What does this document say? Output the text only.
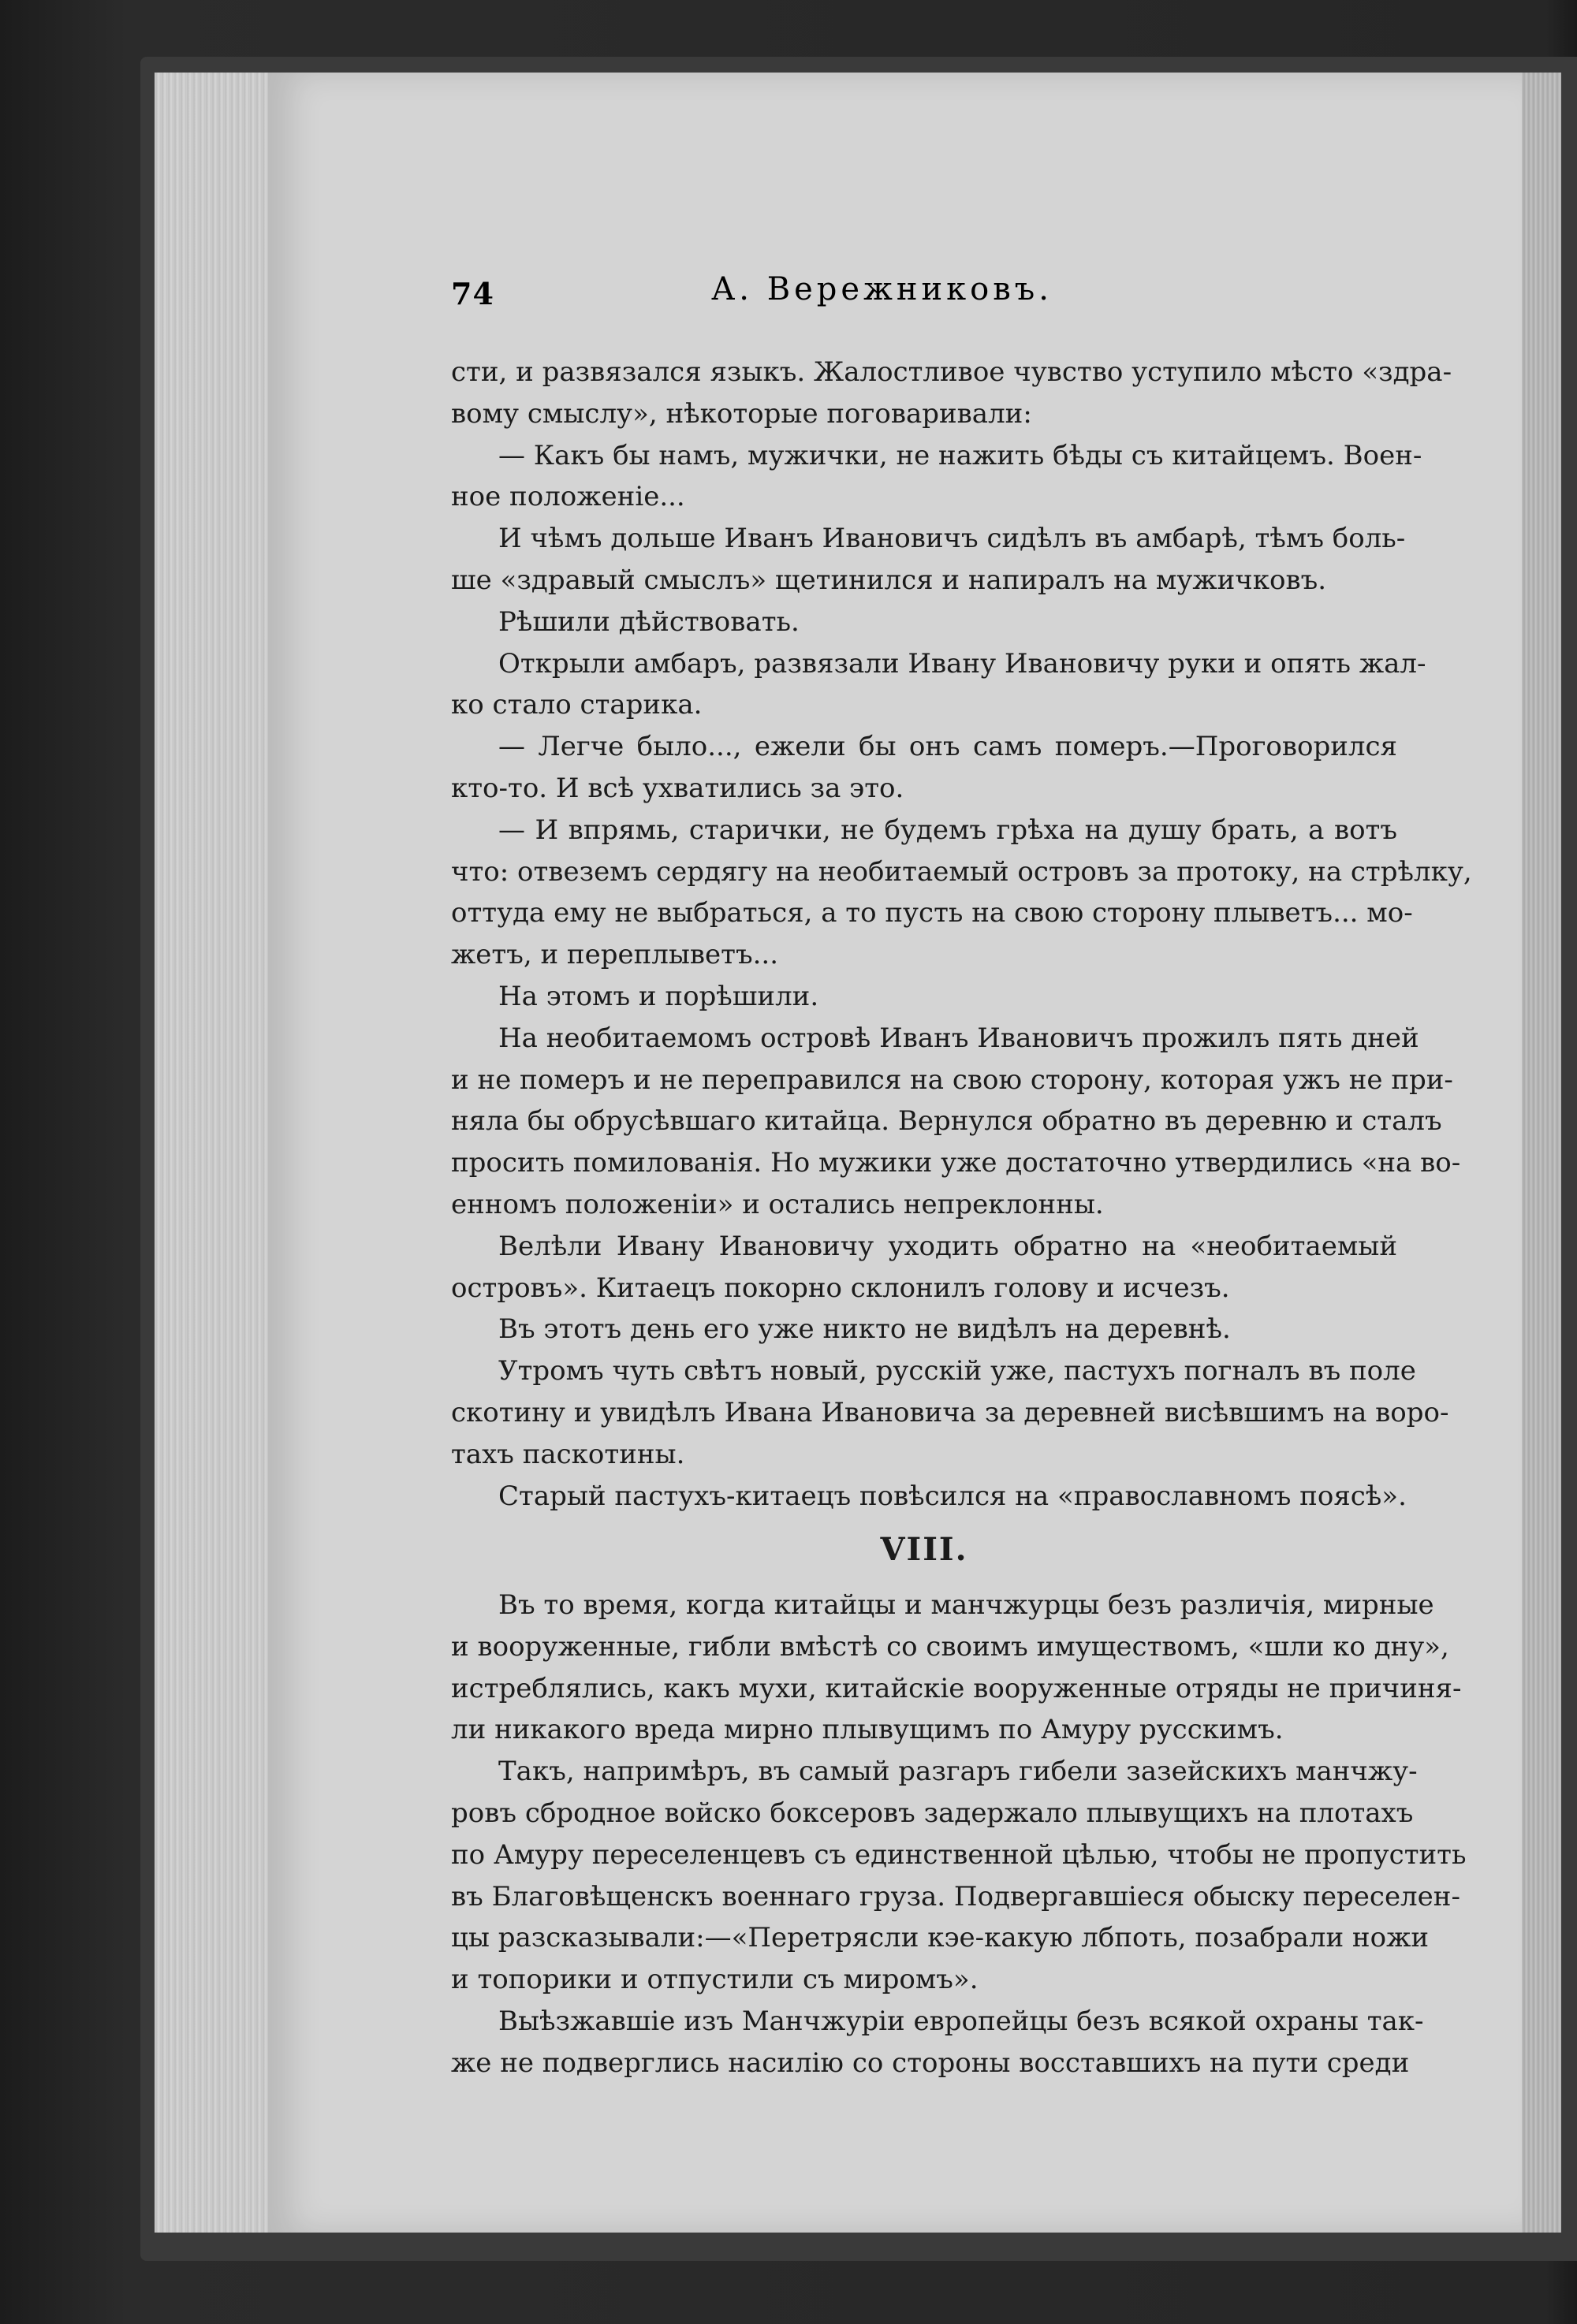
74	А. Вережниковъ.
сти, и развязался языкъ. Жалостливое чувство уступило мѣсто «здра-
вому смыслу», нѣкоторые поговаривали:
— Какъ бы намъ, мужички, не нажить бѣды съ китайцемъ. Воен-
ное положеніе...
И чѣмъ дольше Иванъ Ивановичъ сидѣлъ въ амбарѣ, тѣмъ боль-
ше «здравый смыслъ» щетинился и напиралъ на мужичковъ.
Рѣшили дѣйствовать.
Открыли амбаръ, развязали Ивану Ивановичу руки и опять жал-
ко стало старика.
— Легче было..., ежели бы онъ самъ померъ.—Проговорился
кто-то. И всѣ ухватились за это.
— И впрямь, старички, не будемъ грѣха на душу брать, а вотъ
что: отвеземъ сердягу на необитаемый островъ за протоку, на стрѣлку,
оттуда ему не выбраться, а то пусть на свою сторону плыветъ... мо-
жетъ, и переплыветъ...
На этомъ и порѣшили.
На необитаемомъ островѣ Иванъ Ивановичъ прожилъ пять дней
и не померъ и не переправился на свою сторону, которая ужъ не при-
няла бы обрусѣвшаго китайца. Вернулся обратно въ деревню и сталъ
просить помилованія. Но мужики уже достаточно утвердились «на во-
енномъ положеніи» и остались непреклонны.
Велѣли Ивану Ивановичу уходить обратно на «необитаемый
островъ». Китаецъ покорно склонилъ голову и исчезъ.
Въ этотъ день его уже никто не видѣлъ на деревнѣ.
Утромъ чуть свѣтъ новый, русскій уже, пастухъ погналъ въ поле
скотину и увидѣлъ Ивана Ивановича за деревней висѣвшимъ на воро-
тахъ паскотины.
Старый пастухъ-китаецъ повѣсился на «православномъ поясѣ».
VIII.
Въ то время, когда китайцы и манчжурцы безъ различія, мирные
и вооруженные, гибли вмѣстѣ со своимъ имуществомъ, «шли ко дну»,
истреблялись, какъ мухи, китайскіе вооруженные отряды не причиня-
ли никакого вреда мирно плывущимъ по Амуру русскимъ.
Такъ, напримѣръ, въ самый разгаръ гибели зазейскихъ манчжу-
ровъ сбродное войско боксеровъ задержало плывущихъ на плотахъ
по Амуру переселенцевъ съ единственной цѣлью, чтобы не пропустить
въ Благовѣщенскъ военнаго груза. Подвергавшіеся обыску переселен-
цы разсказывали:—«Перетрясли кэе-какую лбпоть, позабрали ножи
и топорики и отпустили съ миромъ».
Выѣзжавшіе изъ Манчжуріи европейцы безъ всякой охраны так-
же не подверглись насилію со стороны восставшихъ на пути среди
